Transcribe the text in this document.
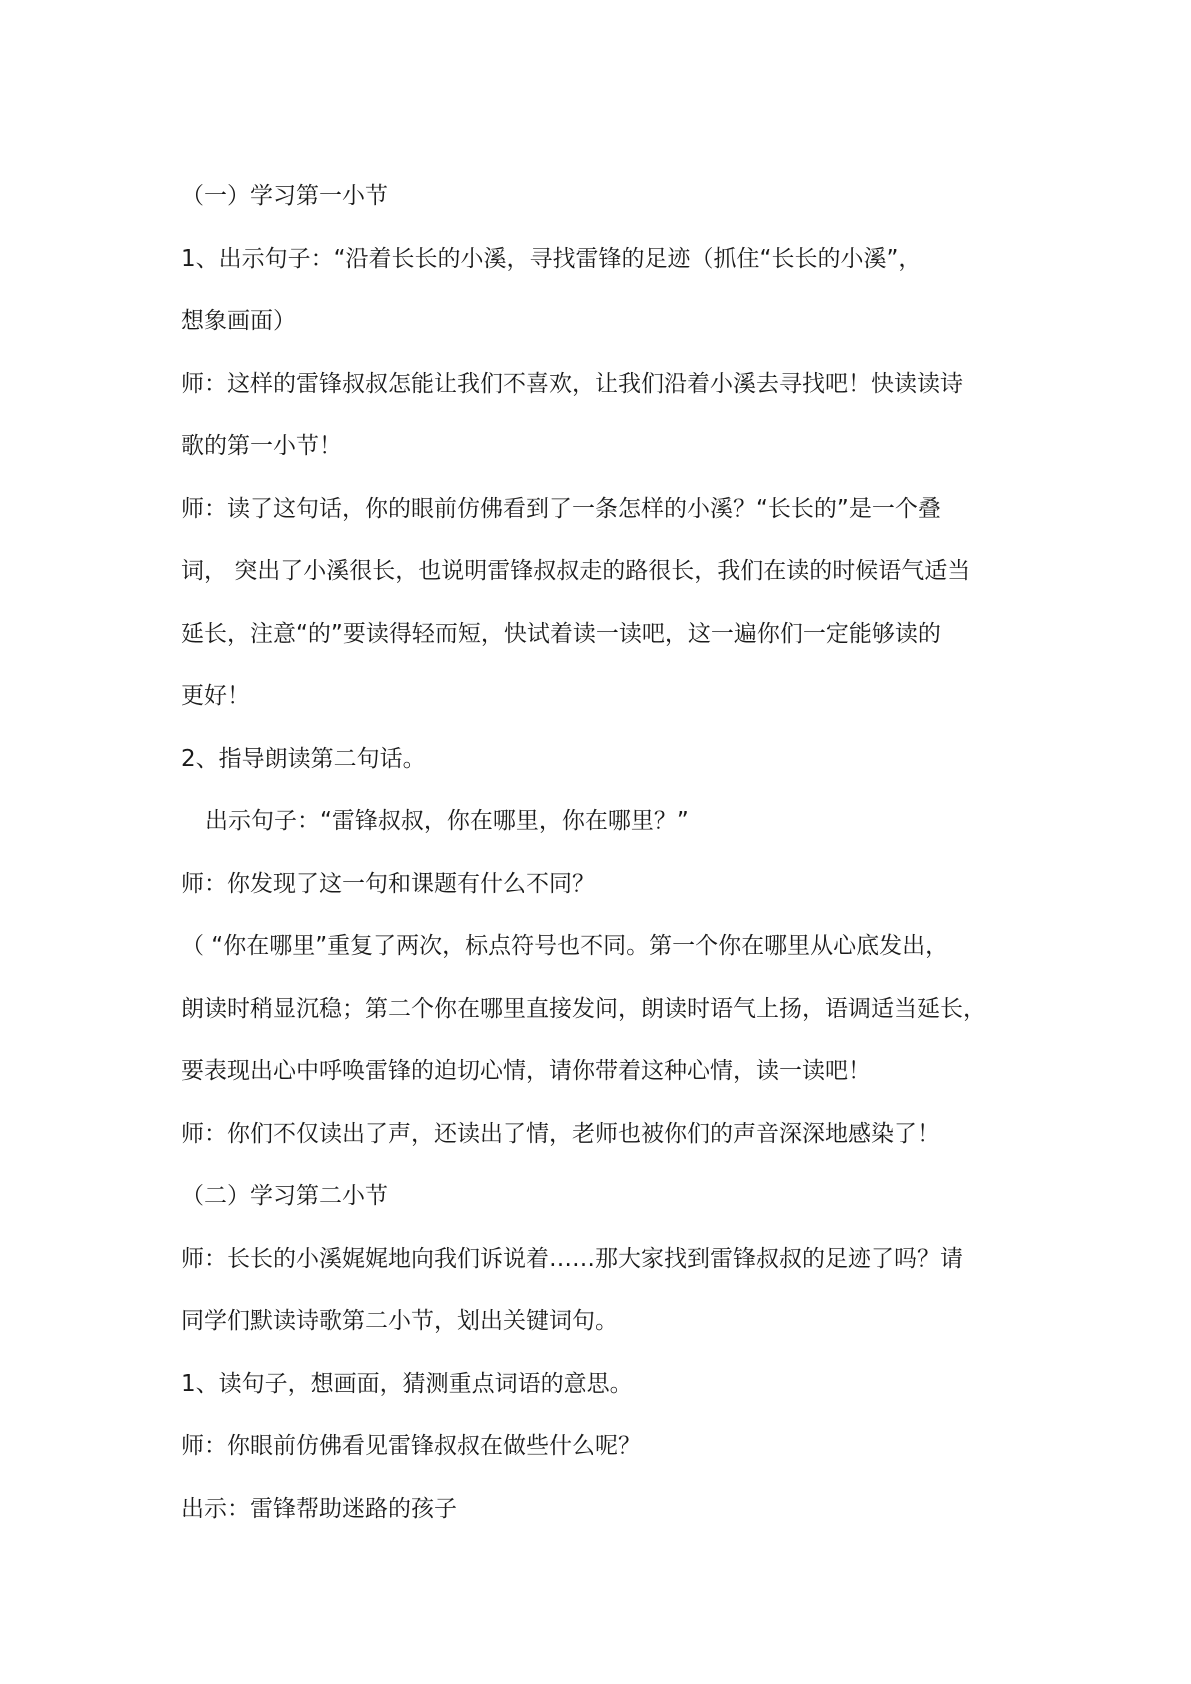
（一）学习第一小节
1、出示句子：“沿着长长的小溪，寻找雷锋的足迹（抓住“长长的小溪”，
想象画面）
师：这样的雷锋叔叔怎能让我们不喜欢，让我们沿着小溪去寻找吧！快读读诗
歌的第一小节！
师：读了这句话，你的眼前仿佛看到了一条怎样的小溪？“长长的”是一个叠
词， 突出了小溪很长，也说明雷锋叔叔走的路很长，我们在读的时候语气适当
延长，注意“的”要读得轻而短，快试着读一读吧，这一遍你们一定能够读的
更好！
2、指导朗读第二句话。
出示句子：“雷锋叔叔，你在哪里，你在哪里？”
师：你发现了这一句和课题有什么不同？
（ “你在哪里”重复了两次，标点符号也不同。第一个你在哪里从心底发出，
朗读时稍显沉稳；第二个你在哪里直接发问，朗读时语气上扬，语调适当延长，
要表现出心中呼唤雷锋的迫切心情，请你带着这种心情，读一读吧！
师：你们不仅读出了声，还读出了情，老师也被你们的声音深深地感染了！
（二）学习第二小节
师：长长的小溪娓娓地向我们诉说着……那大家找到雷锋叔叔的足迹了吗？请
同学们默读诗歌第二小节，划出关键词句。
1、读句子，想画面，猜测重点词语的意思。
师：你眼前仿佛看见雷锋叔叔在做些什么呢？
出示：雷锋帮助迷路的孩子
